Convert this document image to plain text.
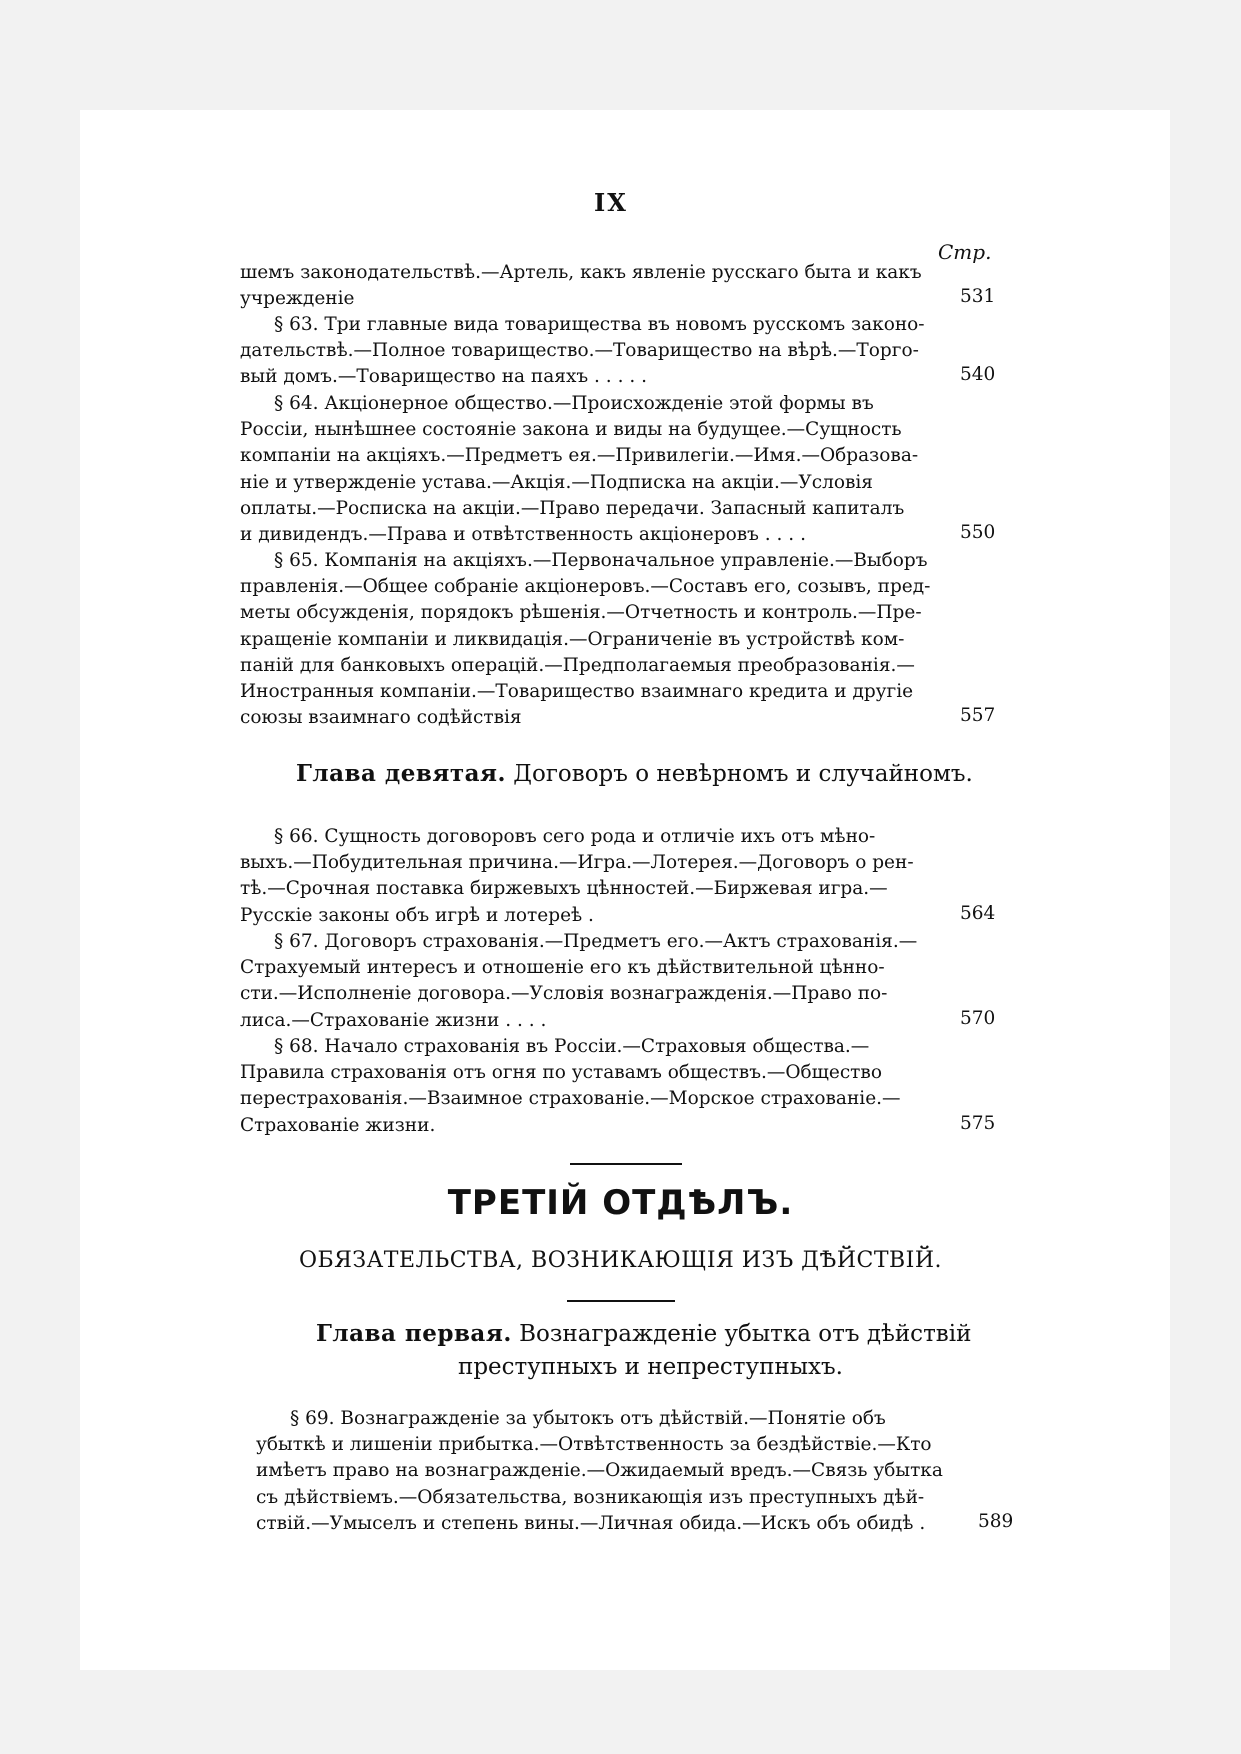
IX
Стр.
шемъ законодательствѣ.—Артель, какъ явленіе русскаго быта и какъ
учрежденіе	531
§ 63. Три главные вида товарищества въ новомъ русскомъ законо-
дательствѣ.—Полное товарищество.—Товарищество на вѣрѣ.—Торго-
вый домъ.—Товарищество на паяхъ . . . . .	540
§ 64. Акціонерное общество.—Происхожденіе этой формы въ
Россіи, нынѣшнее состояніе закона и виды на будущее.—Сущность
компаніи на акціяхъ.—Предметъ ея.—Привилегіи.—Имя.—Образова-
ніе и утвержденіе устава.—Акція.—Подписка на акціи.—Условія
оплаты.—Росписка на акціи.—Право передачи. Запасный капиталъ
и дивидендъ.—Права и отвѣтственность акціонеровъ . . . .	550
§ 65. Компанія на акціяхъ.—Первоначальное управленіе.—Выборъ
правленія.—Общее собраніе акціонеровъ.—Составъ его, созывъ, пред-
меты обсужденія, порядокъ рѣшенія.—Отчетность и контроль.—Пре-
кращеніе компаніи и ликвидація.—Ограниченіе въ устройствѣ ком-
паній для банковыхъ операцій.—Предполагаемыя преобразованія.—
Иностранныя компаніи.—Товарищество взаимнаго кредита и другіе
союзы взаимнаго содѣйствія	557
Глава девятая. Договоръ о невѣрномъ и случайномъ.
§ 66. Сущность договоровъ сего рода и отличіе ихъ отъ мѣно-
выхъ.—Побудительная причина.—Игра.—Лотерея.—Договоръ о рен-
тѣ.—Срочная поставка биржевыхъ цѣнностей.—Биржевая игра.—
Русскіе законы объ игрѣ и лотереѣ .	564
§ 67. Договоръ страхованія.—Предметъ его.—Актъ страхованія.—
Страхуемый интересъ и отношеніе его къ дѣйствительной цѣнно-
сти.—Исполненіе договора.—Условія вознагражденія.—Право по-
лиса.—Страхованіе жизни . . . .	570
§ 68. Начало страхованія въ Россіи.—Страховыя общества.—
Правила страхованія отъ огня по уставамъ обществъ.—Общество
перестрахованія.—Взаимное страхованіе.—Морское страхованіе.—
Страхованіе жизни.	575
ТРЕТІЙ ОТДѢЛЪ.
ОБЯЗАТЕЛЬСТВА, ВОЗНИКАЮЩІЯ ИЗЪ ДѢЙСТВІЙ.
Глава первая. Вознагражденіе убытка отъ дѣйствій
преступныхъ и непреступныхъ.
§ 69. Вознагражденіе за убытокъ отъ дѣйствій.—Понятіе объ
убыткѣ и лишеніи прибытка.—Отвѣтственность за бездѣйствіе.—Кто
имѣетъ право на вознагражденіе.—Ожидаемый вредъ.—Связь убытка
съ дѣйствіемъ.—Обязательства, возникающія изъ преступныхъ дѣй-
ствій.—Умыселъ и степень вины.—Личная обида.—Искъ объ обидѣ .	589
